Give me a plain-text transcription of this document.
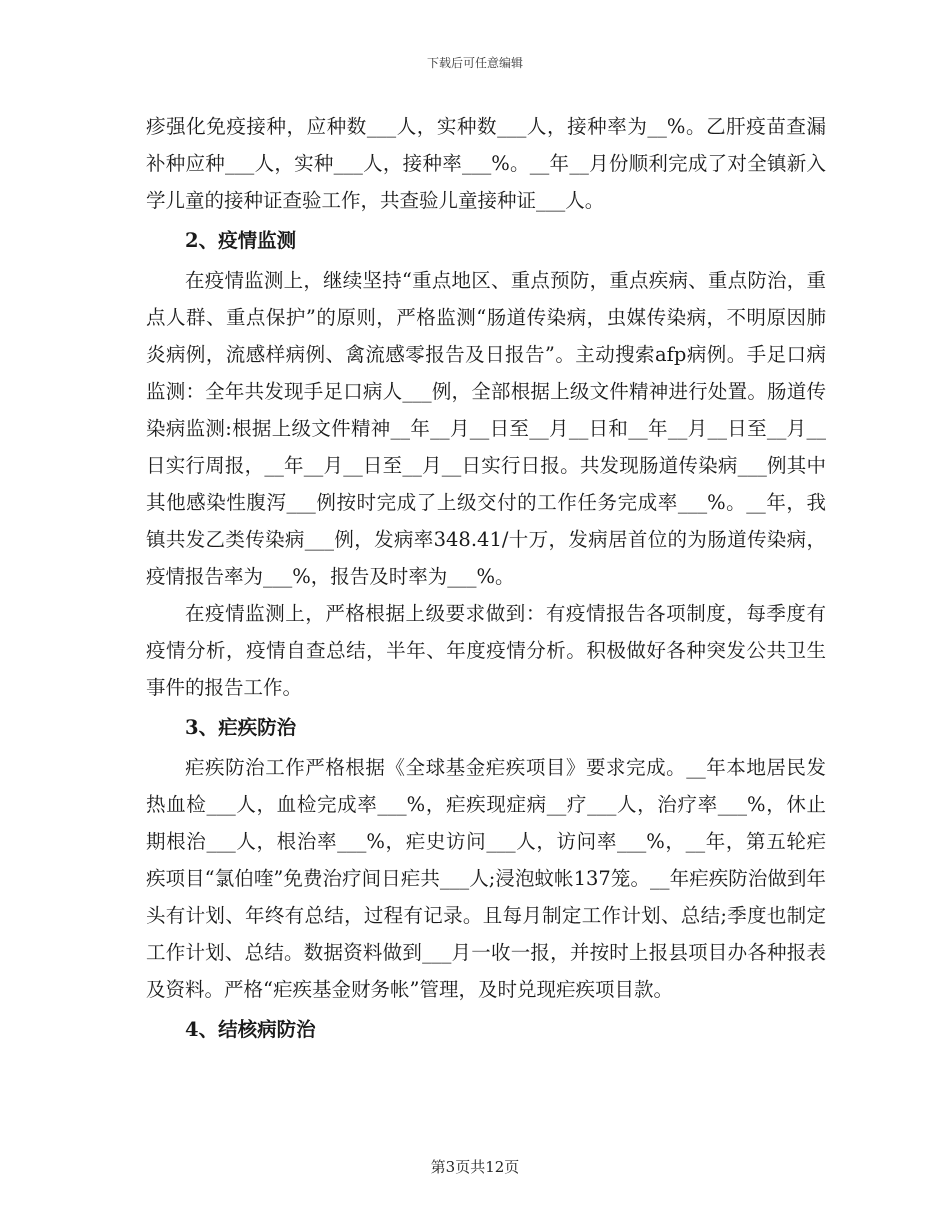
下载后可任意编辑

疹强化免疫接种，应种数___人，实种数___人，接种率为__%。乙肝疫苗查漏补种应种___人，实种___人，接种率___%。__年__月份顺利完成了对全镇新入学儿童的接种证查验工作，共查验儿童接种证___人。

2、疫情监测

在疫情监测上，继续坚持“重点地区、重点预防，重点疾病、重点防治，重点人群、重点保护”的原则，严格监测“肠道传染病，虫媒传染病，不明原因肺炎病例，流感样病例、禽流感零报告及日报告”。主动搜索afp病例。手足口病监测：全年共发现手足口病人___例，全部根据上级文件精神进行处置。肠道传染病监测:根据上级文件精神__年__月__日至__月__日和__年__月__日至__月__日实行周报，__年__月__日至__月__日实行日报。共发现肠道传染病___例其中其他感染性腹泻___例按时完成了上级交付的工作任务完成率___%。__年，我镇共发乙类传染病___例，发病率348.41/十万，发病居首位的为肠道传染病，疫情报告率为___%，报告及时率为___%。

在疫情监测上，严格根据上级要求做到：有疫情报告各项制度，每季度有疫情分析，疫情自查总结，半年、年度疫情分析。积极做好各种突发公共卫生事件的报告工作。

3、疟疾防治

疟疾防治工作严格根据《全球基金疟疾项目》要求完成。__年本地居民发热血检___人，血检完成率___%，疟疾现症病__疗___人，治疗率___%，休止期根治___人，根治率___%，疟史访问___人，访问率___%，__年，第五轮疟疾项目“氯伯喹”免费治疗间日疟共___人;浸泡蚊帐137笼。__年疟疾防治做到年头有计划、年终有总结，过程有记录。且每月制定工作计划、总结;季度也制定工作计划、总结。数据资料做到___月一收一报，并按时上报县项目办各种报表及资料。严格“疟疾基金财务帐”管理，及时兑现疟疾项目款。

4、结核病防治
第3页共12页
